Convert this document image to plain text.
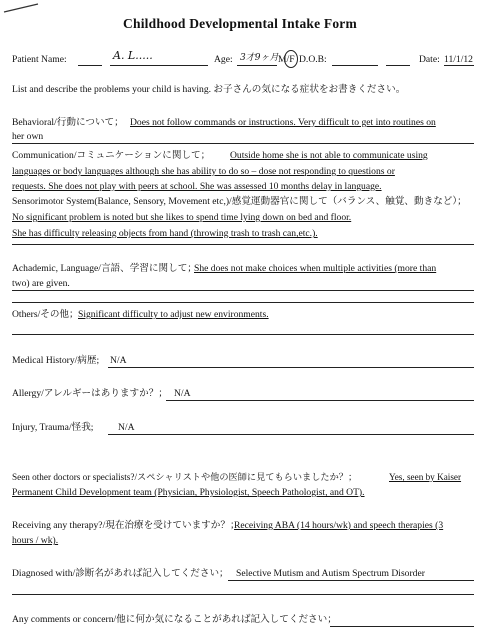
Childhood Developmental Intake Form
Patient Name:	A. L.....	Age: 3才9ヶ月 M/F D.O.B:	Date: 11/1/12
List and describe the problems your child is having. お子さんの気になる症状をお書きください。
Behavioral/行動について； Does not follow commands or instructions. Very difficult to get into routines on
her own
Communication/コミュニケーションに関して； Outside home she is not able to communicate using
languages or body languages although she has ability to do so – dose not responding to questions or
requests. She does not play with peers at school. She was assessed 10 months delay in language.
Sensorimotor System(Balance, Sensory, Movement etc,)/感覚運動器官に関して（バランス、触覚、動きなど）；
No significant problem is noted but she likes to spend time lying down on bed and floor.
She has difficulty releasing objects from hand (throwing trash to trash can,etc.).
Achademic, Language/言語、学習に関して；
She does not make choices when multiple activities (more than
two) are given.
Others/その他； Significant difficulty to adjust new environments.
Medical History/病歴; N/A
Allergy/アレルギーはありますか？； N/A
Injury, Trauma/怪我;	N/A
Seen other doctors or specialists?/スペシャリストや他の医師に見てもらいましたか？；	Yes, seen by Kaiser
Permanent Child Development team (Physician, Physiologist, Speech Pathologist, and OT).
Receiving any therapy?/現在治療を受けていますか？；
Receiving ABA (14 hours/wk) and speech therapies (3
hours / wk).
Diagnosed with/診断名があれば記入してください； Selective Mutism and Autism Spectrum Disorder
Any comments or concern/他に何か気になることがあれば記入してください；
